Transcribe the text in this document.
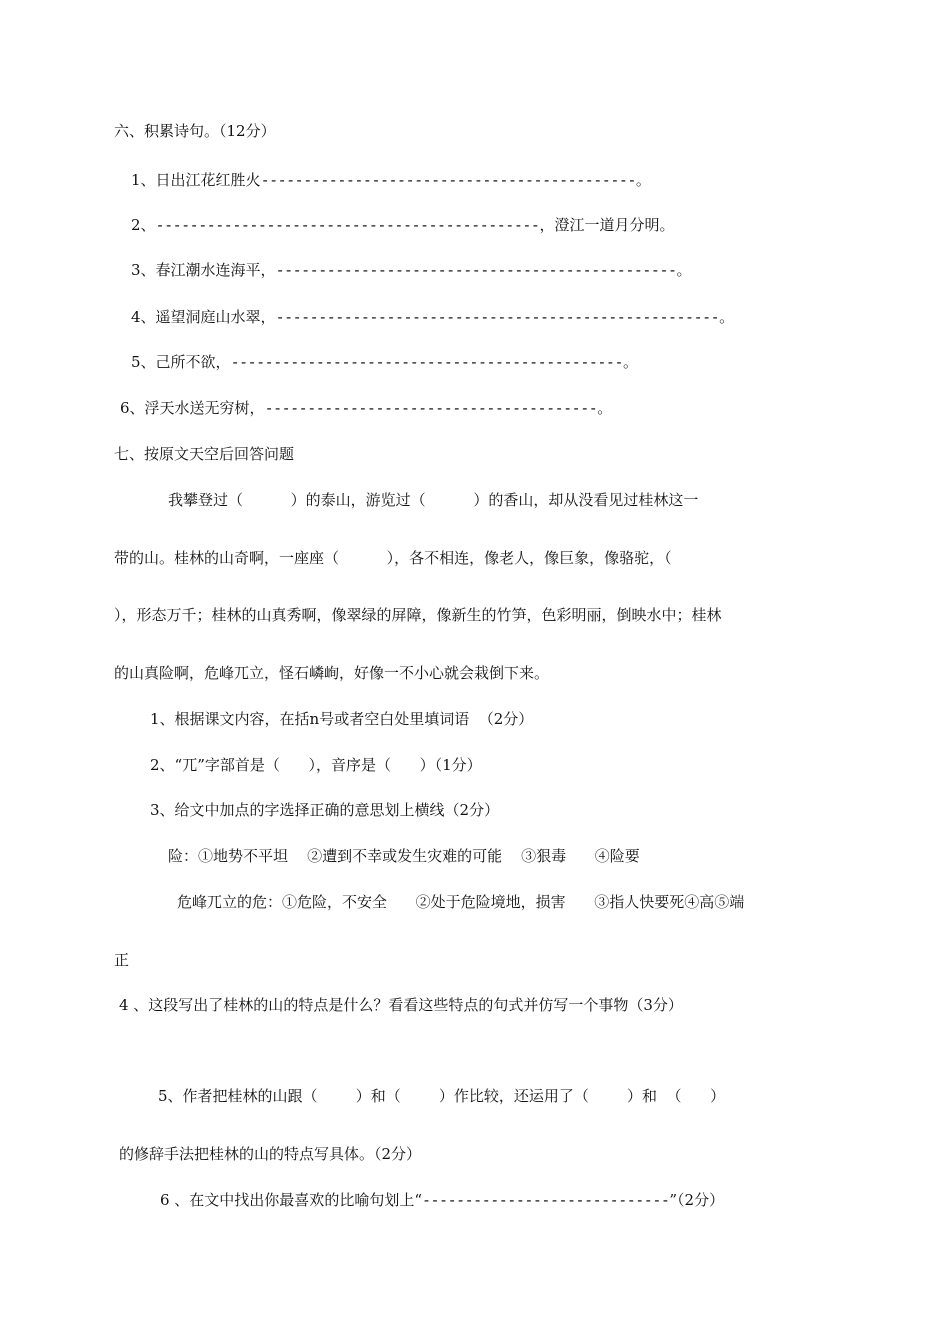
六、积累诗句。（12分）
1、日出江花红胜火--------------------------------------------。
2、---------------------------------------------，澄江一道月分明。
3、春江潮水连海平，-----------------------------------------------。
4、遥望洞庭山水翠，----------------------------------------------------。
5、己所不欲，----------------------------------------------。
6、浮天水送无穷树，---------------------------------------。
七、按原文天空后回答问题
我攀登过（          ）的泰山，游览过（          ）的香山，却从没看见过桂林这一
带的山。桂林的山奇啊，一座座（          ），各不相连，像老人，像巨象，像骆驼，（
），形态万千；桂林的山真秀啊，像翠绿的屏障，像新生的竹笋，色彩明丽，倒映水中；桂林
的山真险啊，危峰兀立，怪石嶙峋，好像一不小心就会栽倒下来。
1、根据课文内容，在括n号或者空白处里填词语  （2分）
2、“兀”字部首是（      ），音序是（      ）（1分）
3、给文中加点的字选择正确的意思划上横线（2分）
险：①地势不平坦    ②遭到不幸或发生灾难的可能    ③狠毒      ④险要
危峰兀立的危：①危险，不安全      ②处于危险境地，损害      ③指人快要死④高⑤端
正
4 、这段写出了桂林的山的特点是什么？看看这些特点的句式并仿写一个事物（3分）
5、作者把桂林的山跟（        ）和（        ）作比较，还运用了（        ）和  （      ）
的修辞手法把桂林的山的特点写具体。（2分）
6 、在文中找出你最喜欢的比喻句划上“-----------------------------”（2分）
